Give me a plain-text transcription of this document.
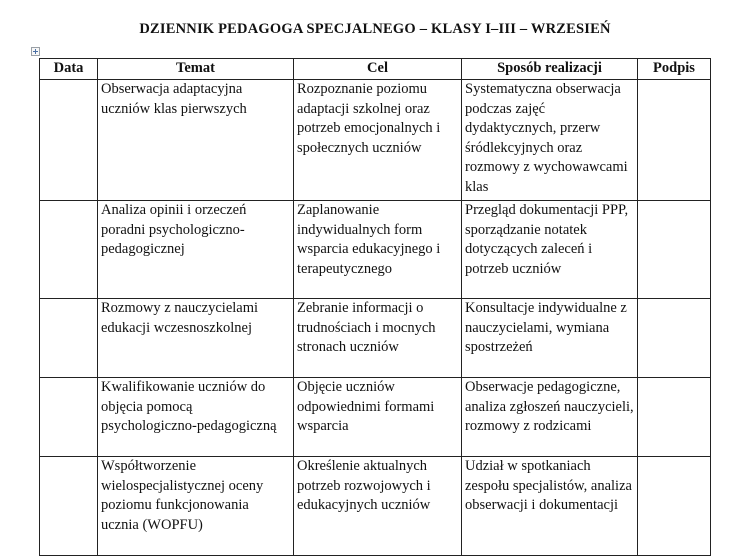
DZIENNIK PEDAGOGA SPECJALNEGO – KLASY I–III – WRZESIEŃ
Data	Temat	Cel	Sposób realizacji	Podpis
	Obserwacja adaptacyjna uczniów klas pierwszych	Rozpoznanie poziomu adaptacji szkolnej oraz potrzeb emocjonalnych i społecznych uczniów	Systematyczna obserwacja podczas zajęć dydaktycznych, przerw śródlekcyjnych oraz rozmowy z wychowawcami klas	
	Analiza opinii i orzeczeń poradni psychologiczno-pedagogicznej	Zaplanowanie indywidualnych form wsparcia edukacyjnego i terapeutycznego	Przegląd dokumentacji PPP, sporządzanie notatek dotyczących zaleceń i potrzeb uczniów	
	Rozmowy z nauczycielami edukacji wczesnoszkolnej	Zebranie informacji o trudnościach i mocnych stronach uczniów	Konsultacje indywidualne z nauczycielami, wymiana spostrzeżeń	
	Kwalifikowanie uczniów do objęcia pomocą psychologiczno-pedagogiczną	Objęcie uczniów odpowiednimi formami wsparcia	Obserwacje pedagogiczne, analiza zgłoszeń nauczycieli, rozmowy z rodzicami	
	Współtworzenie wielospecjalistycznej oceny poziomu funkcjonowania ucznia (WOPFU)	Określenie aktualnych potrzeb rozwojowych i edukacyjnych uczniów	Udział w spotkaniach zespołu specjalistów, analiza obserwacji i dokumentacji	
